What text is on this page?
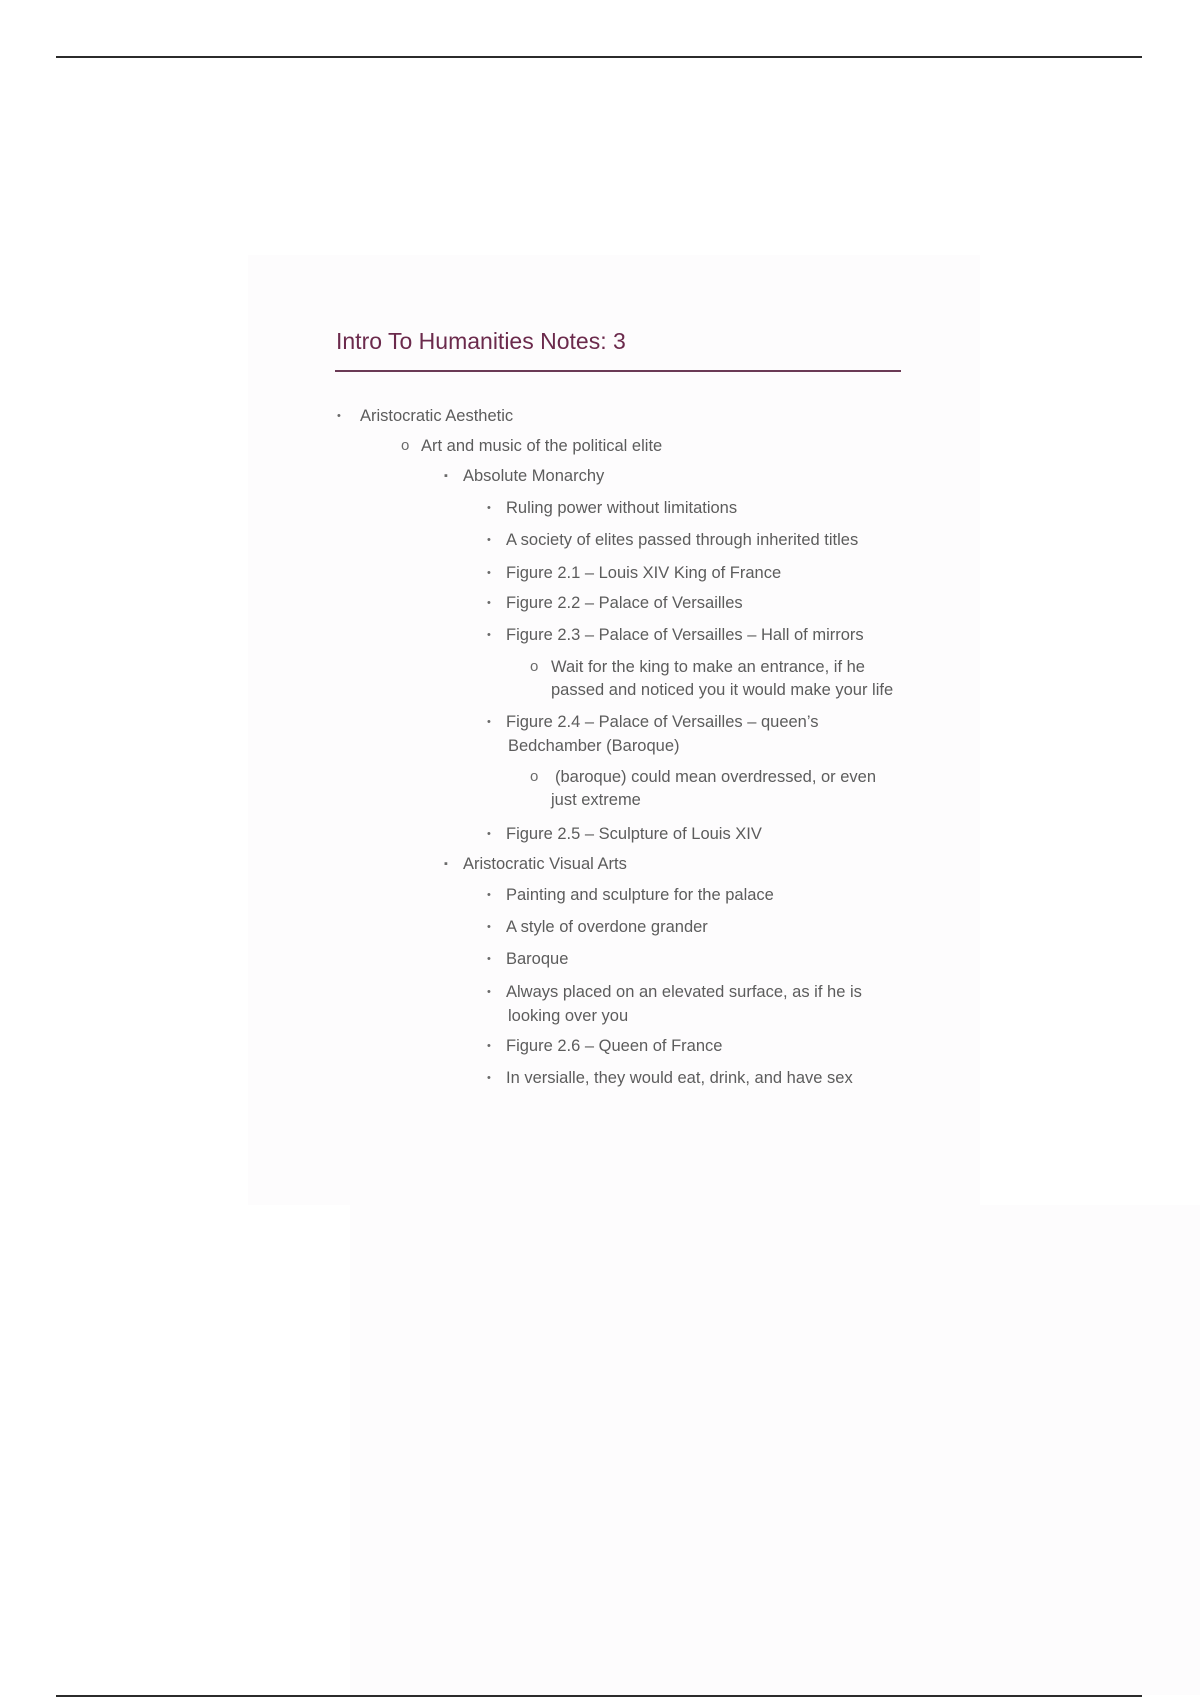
Intro To Humanities Notes: 3
• Aristocratic Aesthetic
o Art and music of the political elite
▪ Absolute Monarchy
• Ruling power without limitations
• A society of elites passed through inherited titles
• Figure 2.1 – Louis XIV King of France
• Figure 2.2 – Palace of Versailles
• Figure 2.3 – Palace of Versailles – Hall of mirrors
o Wait for the king to make an entrance, if he
passed and noticed you it would make your life
• Figure 2.4 – Palace of Versailles – queen’s
Bedchamber (Baroque)
o (baroque) could mean overdressed, or even
just extreme
• Figure 2.5 – Sculpture of Louis XIV
▪ Aristocratic Visual Arts
• Painting and sculpture for the palace
• A style of overdone grander
• Baroque
• Always placed on an elevated surface, as if he is
looking over you
• Figure 2.6 – Queen of France
• In versialle, they would eat, drink, and have sex
